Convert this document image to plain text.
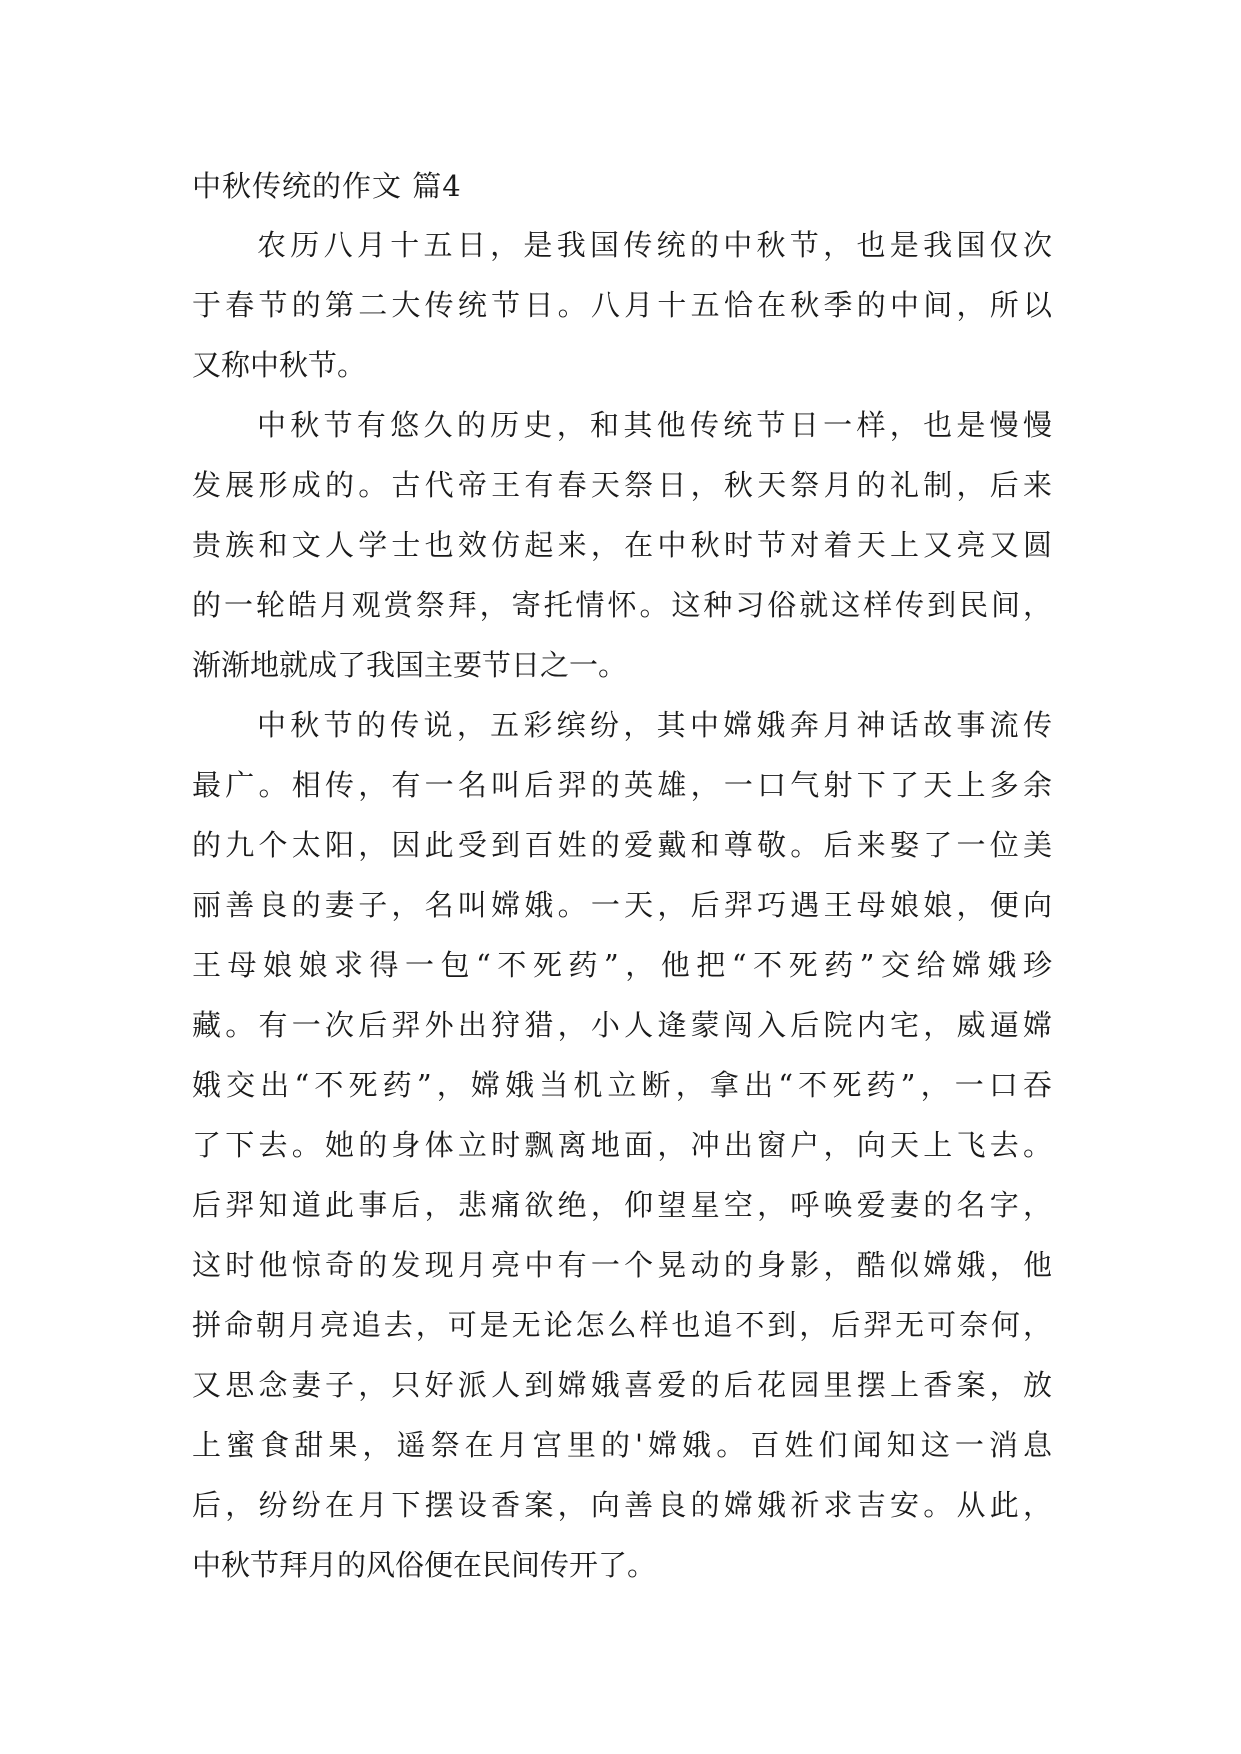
中秋传统的作文 篇4
农历八月十五日，是我国传统的中秋节，也是我国仅次
于春节的第二大传统节日。八月十五恰在秋季的中间，所以
又称中秋节。
中秋节有悠久的历史，和其他传统节日一样，也是慢慢
发展形成的。古代帝王有春天祭日，秋天祭月的礼制，后来
贵族和文人学士也效仿起来，在中秋时节对着天上又亮又圆
的一轮皓月观赏祭拜，寄托情怀。这种习俗就这样传到民间，
渐渐地就成了我国主要节日之一。
中秋节的传说，五彩缤纷，其中嫦娥奔月神话故事流传
最广。相传，有一名叫后羿的英雄，一口气射下了天上多余
的九个太阳，因此受到百姓的爱戴和尊敬。后来娶了一位美
丽善良的妻子，名叫嫦娥。一天，后羿巧遇王母娘娘，便向
王母娘娘求得一包“不死药”，他把“不死药”交给嫦娥珍
藏。有一次后羿外出狩猎，小人逄蒙闯入后院内宅，威逼嫦
娥交出“不死药”，嫦娥当机立断，拿出“不死药”，一口吞
了下去。她的身体立时飘离地面，冲出窗户，向天上飞去。
后羿知道此事后，悲痛欲绝，仰望星空，呼唤爱妻的名字，
这时他惊奇的发现月亮中有一个晃动的身影，酷似嫦娥，他
拼命朝月亮追去，可是无论怎么样也追不到，后羿无可奈何，
又思念妻子，只好派人到嫦娥喜爱的后花园里摆上香案，放
上蜜食甜果，遥祭在月宫里的'嫦娥。百姓们闻知这一消息
后，纷纷在月下摆设香案，向善良的嫦娥祈求吉安。从此，
中秋节拜月的风俗便在民间传开了。
